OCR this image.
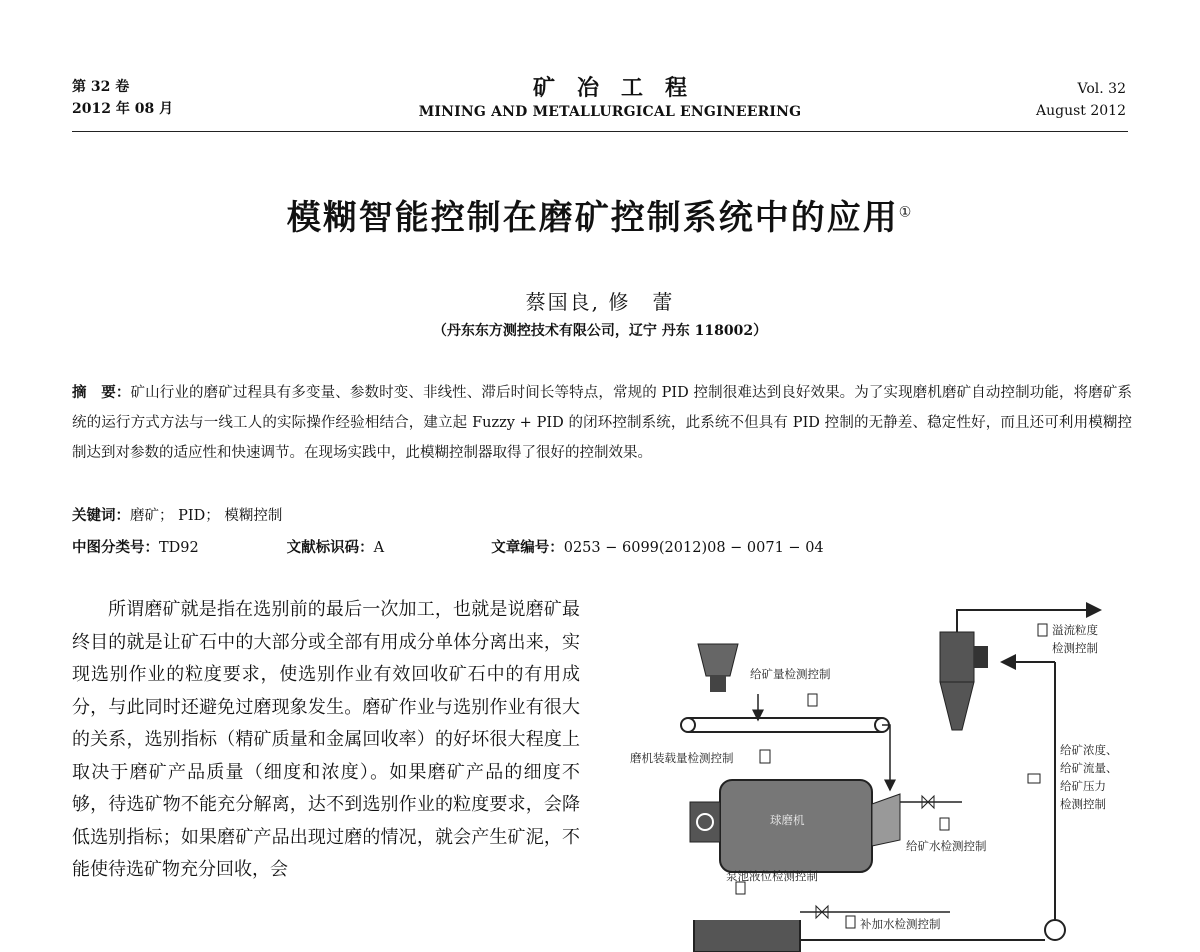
第 32 卷
2012 年 08 月
矿冶工程
MINING AND METALLURGICAL ENGINEERING
Vol. 32
August 2012
模糊智能控制在磨矿控制系统中的应用①
蔡国良, 修　蕾
（丹东东方测控技术有限公司，辽宁 丹东 118002）
摘　要：矿山行业的磨矿过程具有多变量、参数时变、非线性、滞后时间长等特点，常规的 PID 控制很难达到良好效果。为了实现磨机磨矿自动控制功能，将磨矿系统的运行方式方法与一线工人的实际操作经验相结合，建立起 Fuzzy + PID 的闭环控制系统，此系统不但具有 PID 控制的无静差、稳定性好，而且还可利用模糊控制达到对参数的适应性和快速调节。在现场实践中，此模糊控制器取得了很好的控制效果。
关键词：磨矿； PID； 模糊控制
中图分类号：TD92	文献标识码：A	文章编号：0253 − 6099(2012)08 − 0071 − 04
所谓磨矿就是指在选别前的最后一次加工，也就是说磨矿最终目的就是让矿石中的大部分或全部有用成分单体分离出来，实现选别作业的粒度要求，使选别作业有效回收矿石中的有用成分，与此同时还避免过磨现象发生。磨矿作业与选别作业有很大的关系，选别指标（精矿质量和金属回收率）的好坏很大程度上取决于磨矿产品质量（细度和浓度）。如果磨矿产品的细度不够，待选矿物不能充分解离，达不到选别作业的粒度要求，会降低选别指标；如果磨矿产品出现过磨的情况，就会产生矿泥，不能使待选矿物充分回收，会
溢流粒度
检测控制
给矿浓度、
给矿流量、
给矿压力
检测控制
给矿量检测控制
磨机装载量检测控制
给矿水检测控制
球磨机
泵池液位检测控制
补加水检测控制
